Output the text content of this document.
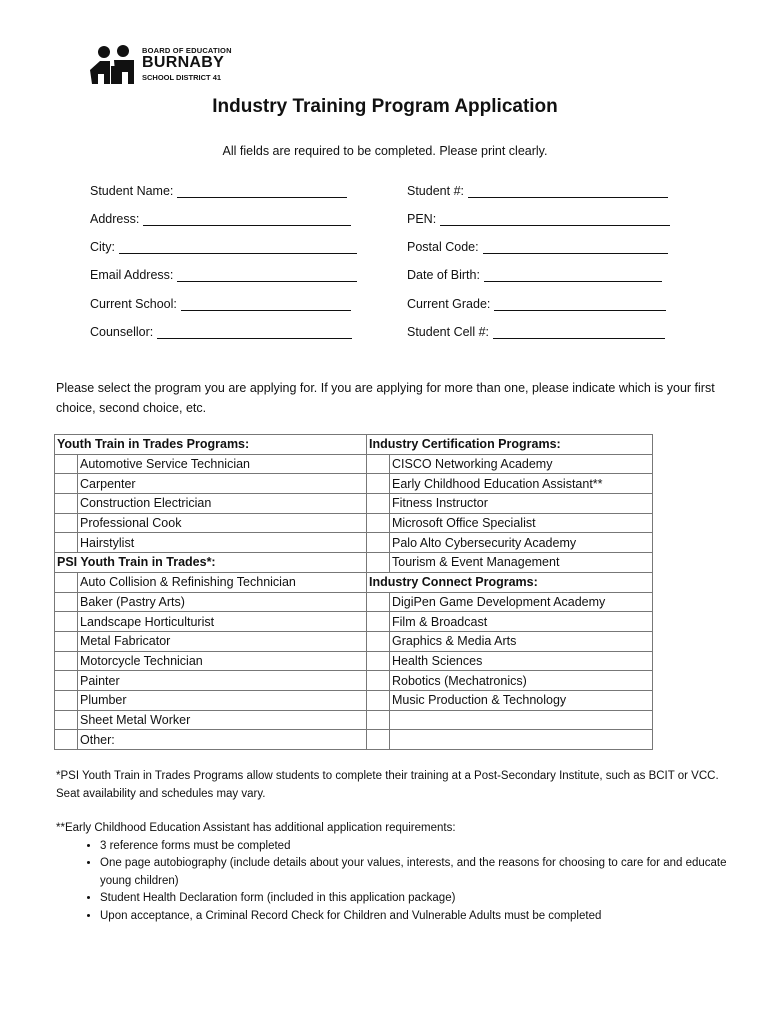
BOARD OF EDUCATION
BURNABY
SCHOOL DISTRICT 41
Industry Training Program Application
All fields are required to be completed. Please print clearly.
Student Name:
Address:
City:
Email Address:
Current School:
Counsellor:
Student #:
PEN:
Postal Code:
Date of Birth:
Current Grade:
Student Cell #:
Please select the program you are applying for. If you are applying for more than one, please indicate which is your first choice, second choice, etc.
Youth Train in Trades Programs:		Industry Certification Programs:	
	Automotive Service Technician		CISCO Networking Academy
	Carpenter		Early Childhood Education Assistant**
	Construction Electrician		Fitness Instructor
	Professional Cook		Microsoft Office Specialist
	Hairstylist		Palo Alto Cybersecurity Academy
PSI Youth Train in Trades*:			Tourism & Event Management
	Auto Collision & Refinishing Technician	Industry Connect Programs:	
	Baker (Pastry Arts)		DigiPen Game Development Academy
	Landscape Horticulturist		Film & Broadcast
	Metal Fabricator		Graphics & Media Arts
	Motorcycle Technician		Health Sciences
	Painter		Robotics (Mechatronics)
	Plumber		Music Production & Technology
	Sheet Metal Worker		
	Other:		
*PSI Youth Train in Trades Programs allow students to complete their training at a Post-Secondary Institute, such as BCIT or VCC. Seat availability and schedules may vary.
**Early Childhood Education Assistant has additional application requirements:
• 3 reference forms must be completed
• One page autobiography (include details about your values, interests, and the reasons for choosing to care for and educate young children)
• Student Health Declaration form (included in this application package)
• Upon acceptance, a Criminal Record Check for Children and Vulnerable Adults must be completed
